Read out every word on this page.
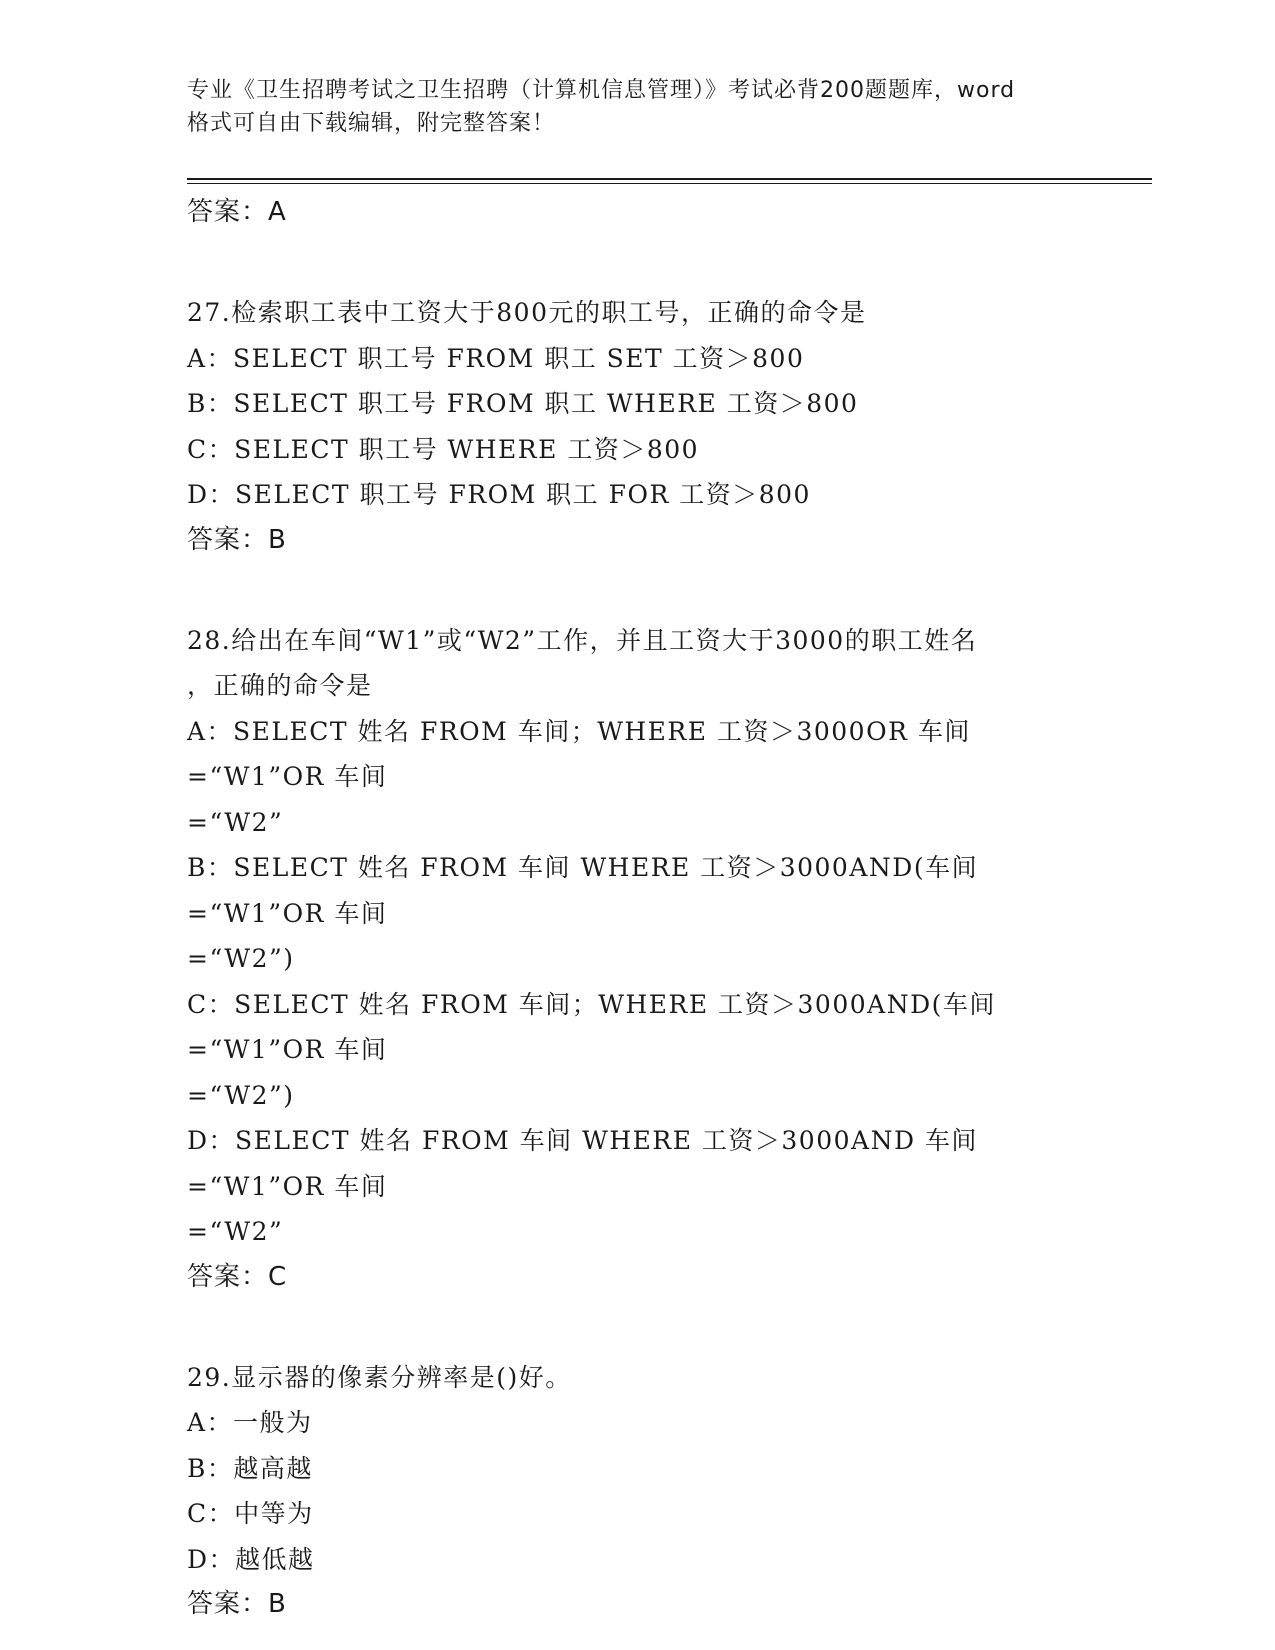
专业《卫生招聘考试之卫生招聘（计算机信息管理）》考试必背200题题库，word
格式可自由下载编辑，附完整答案！
答案：A
27.检索职工表中工资大于800元的职工号，正确的命令是
A：SELECT 职工号 FROM 职工 SET 工资＞800
B：SELECT 职工号 FROM 职工 WHERE 工资＞800
C：SELECT 职工号 WHERE 工资＞800
D：SELECT 职工号 FROM 职工 FOR 工资＞800
答案：B
28.给出在车间“W1”或“W2”工作，并且工资大于3000的职工姓名
，正确的命令是
A：SELECT 姓名 FROM 车间；WHERE 工资＞3000OR 车间=“W1”OR 车间
=“W2”
B：SELECT 姓名 FROM 车间 WHERE 工资＞3000AND(车间=“W1”OR 车间
=“W2”)
C：SELECT 姓名 FROM 车间；WHERE 工资＞3000AND(车间=“W1”OR 车间
=“W2”)
D：SELECT 姓名 FROM 车间 WHERE 工资＞3000AND 车间=“W1”OR 车间
=“W2”
答案：C
29.显示器的像素分辨率是()好。
A：一般为
B：越高越
C：中等为
D：越低越
答案：B
